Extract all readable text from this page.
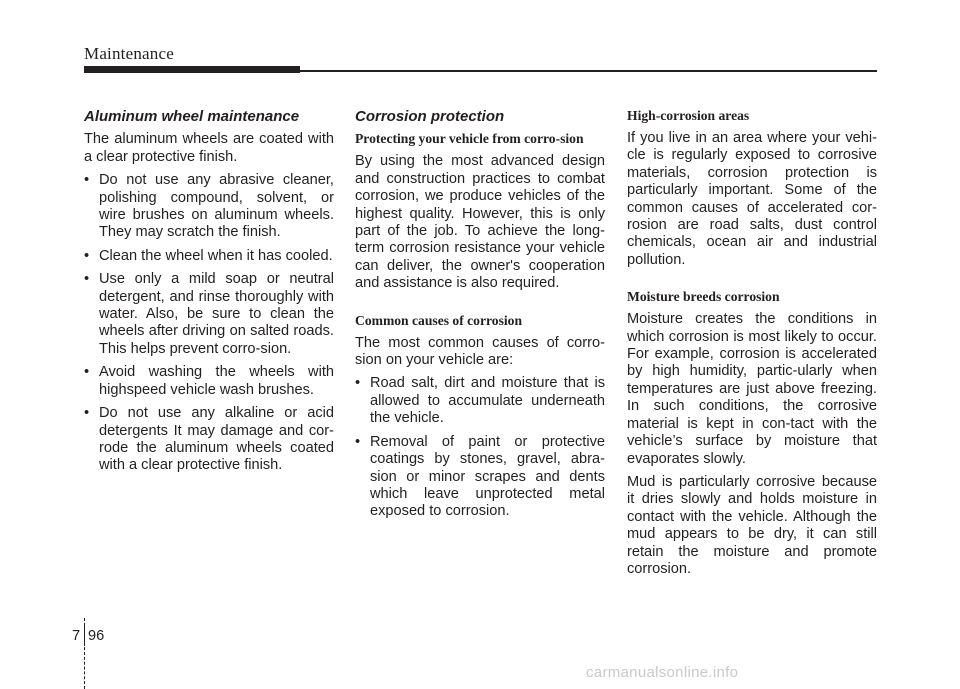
Maintenance
Aluminum wheel maintenance

The aluminum wheels are coated with a clear protective finish.

• Do not use any abrasive cleaner, polishing compound, solvent, or wire brushes on aluminum wheels. They may scratch the finish.
• Clean the wheel when it has cooled.
• Use only a mild soap or neutral detergent, and rinse thoroughly with water. Also, be sure to clean the wheels after driving on salted roads. This helps prevent corro-sion.
• Avoid washing the wheels with highspeed vehicle wash brushes.
• Do not use any alkaline or acid detergents It may damage and cor-rode the aluminum wheels coated with a clear protective finish.
Corrosion protection
Protecting your vehicle from corro-sion

By using the most advanced design and construction practices to combat corrosion, we produce vehicles of the highest quality. However, this is only part of the job. To achieve the long-term corrosion resistance your vehicle can deliver, the owner's cooperation and assistance is also required.

Common causes of corrosion

The most common causes of corro-sion on your vehicle are:

• Road salt, dirt and moisture that is allowed to accumulate underneath the vehicle.
• Removal of paint or protective coatings by stones, gravel, abra-sion or minor scrapes and dents which leave unprotected metal exposed to corrosion.
High-corrosion areas

If you live in an area where your vehi-cle is regularly exposed to corrosive materials, corrosion protection is particularly important. Some of the common causes of accelerated cor-rosion are road salts, dust control chemicals, ocean air and industrial pollution.

Moisture breeds corrosion

Moisture creates the conditions in which corrosion is most likely to occur. For example, corrosion is accelerated by high humidity, partic-ularly when temperatures are just above freezing. In such conditions, the corrosive material is kept in con-tact with the vehicle’s surface by moisture that evaporates slowly.

Mud is particularly corrosive because it dries slowly and holds moisture in contact with the vehicle. Although the mud appears to be dry, it can still retain the moisture and promote corrosion.

7 96
carmanualsonline.info
